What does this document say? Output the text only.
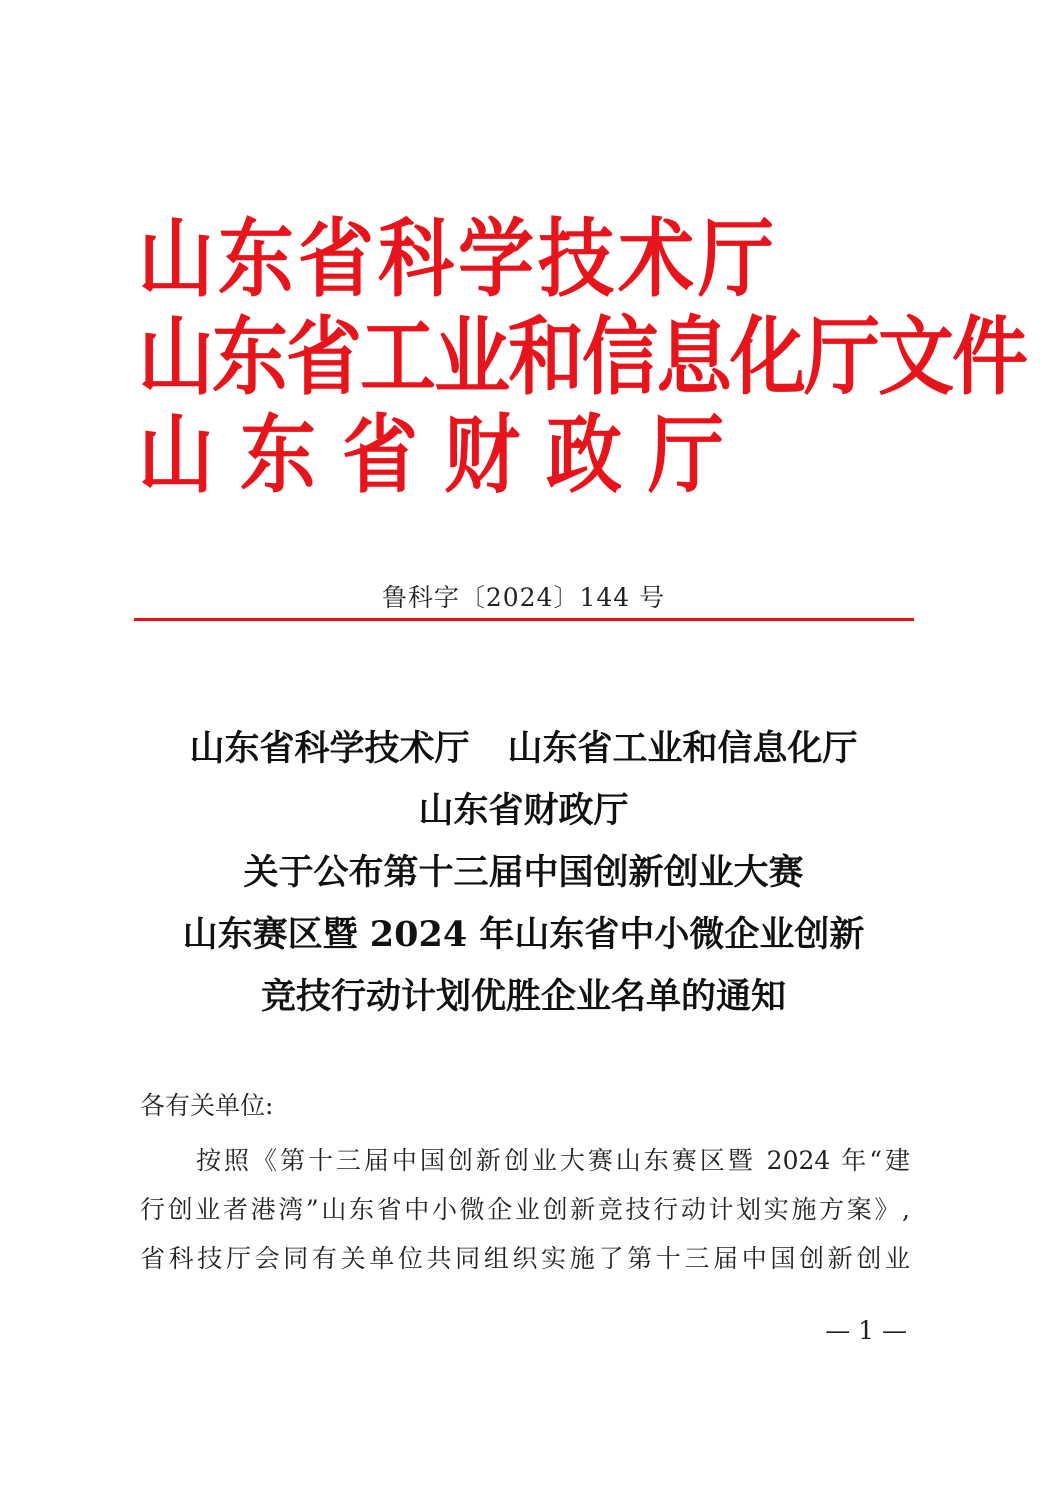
山东省科学技术厅
山东省工业和信息化厅文件
山东省财政厅
鲁科字〔2024〕144 号
山东省科学技术厅 山东省工业和信息化厅
山东省财政厅
关于公布第十三届中国创新创业大赛
山东赛区暨 2024 年山东省中小微企业创新
竞技行动计划优胜企业名单的通知
各有关单位:
按照《第十三届中国创新创业大赛山东赛区暨 2024 年“建
行创业者港湾”山东省中小微企业创新竞技行动计划实施方案》,
省科技厅会同有关单位共同组织实施了第十三届中国创新创业
— 1 —
